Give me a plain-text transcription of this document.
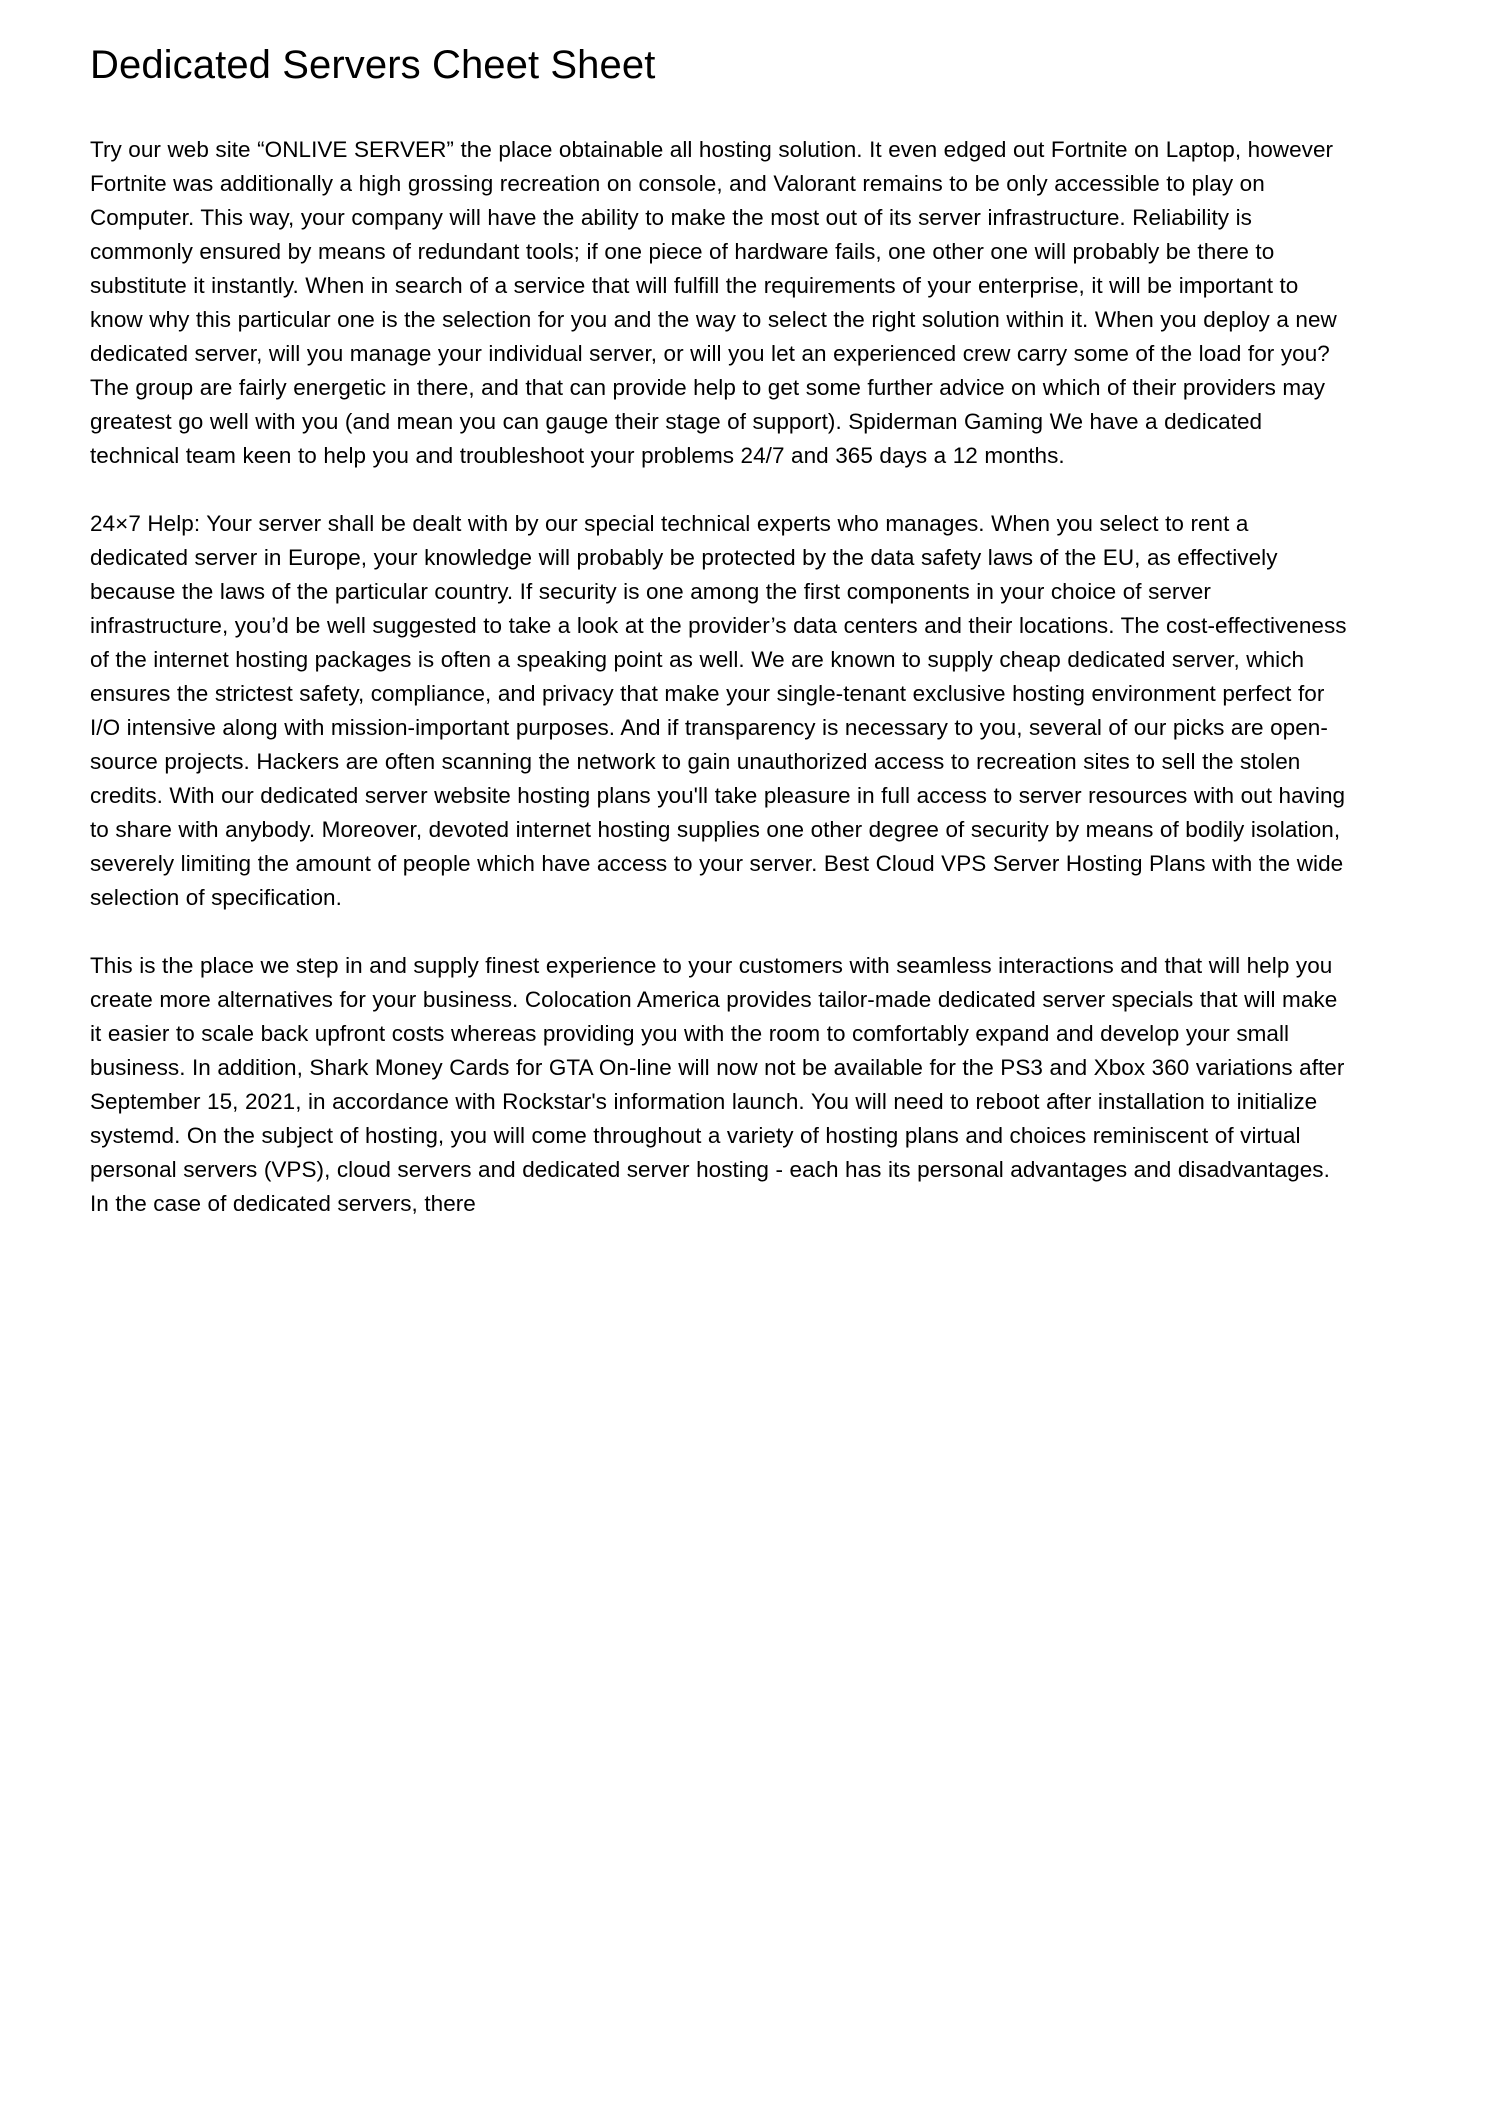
Dedicated Servers Cheet Sheet

Try our web site “ONLIVE SERVER” the place obtainable all hosting solution. It even edged out Fortnite on Laptop, however Fortnite was additionally a high grossing recreation on console, and Valorant remains to be only accessible to play on Computer. This way, your company will have the ability to make the most out of its server infrastructure. Reliability is commonly ensured by means of redundant tools; if one piece of hardware fails, one other one will probably be there to substitute it instantly. When in search of a service that will fulfill the requirements of your enterprise, it will be important to know why this particular one is the selection for you and the way to select the right solution within it. When you deploy a new dedicated server, will you manage your individual server, or will you let an experienced crew carry some of the load for you? The group are fairly energetic in there, and that can provide help to get some further advice on which of their providers may greatest go well with you (and mean you can gauge their stage of support). Spiderman Gaming We have a dedicated technical team keen to help you and troubleshoot your problems 24/7 and 365 days a 12 months.

24×7 Help: Your server shall be dealt with by our special technical experts who manages. When you select to rent a dedicated server in Europe, your knowledge will probably be protected by the data safety laws of the EU, as effectively because the laws of the particular country. If security is one among the first components in your choice of server infrastructure, you’d be well suggested to take a look at the provider’s data centers and their locations. The cost-effectiveness of the internet hosting packages is often a speaking point as well. We are known to supply cheap dedicated server, which ensures the strictest safety, compliance, and privacy that make your single-tenant exclusive hosting environment perfect for I/O intensive along with mission-important purposes. And if transparency is necessary to you, several of our picks are open-source projects. Hackers are often scanning the network to gain unauthorized access to recreation sites to sell the stolen credits. With our dedicated server website hosting plans you'll take pleasure in full access to server resources with out having to share with anybody. Moreover, devoted internet hosting supplies one other degree of security by means of bodily isolation, severely limiting the amount of people which have access to your server. Best Cloud VPS Server Hosting Plans with the wide selection of specification.

This is the place we step in and supply finest experience to your customers with seamless interactions and that will help you create more alternatives for your business. Colocation America provides tailor-made dedicated server specials that will make it easier to scale back upfront costs whereas providing you with the room to comfortably expand and develop your small business. In addition, Shark Money Cards for GTA On-line will now not be available for the PS3 and Xbox 360 variations after September 15, 2021, in accordance with Rockstar's information launch. You will need to reboot after installation to initialize systemd. On the subject of hosting, you will come throughout a variety of hosting plans and choices reminiscent of virtual personal servers (VPS), cloud servers and dedicated server hosting - each has its personal advantages and disadvantages. In the case of dedicated servers, there
